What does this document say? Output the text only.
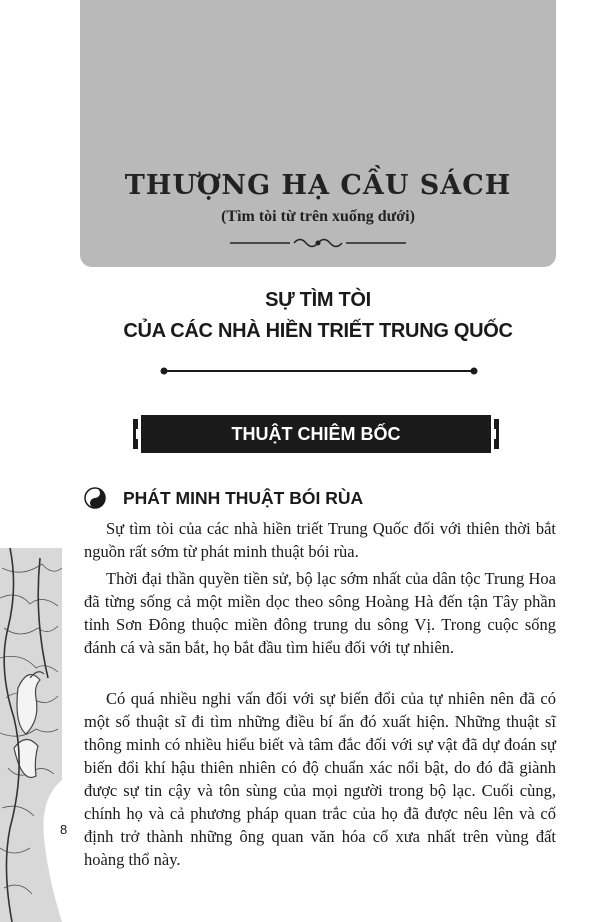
THƯỢNG HẠ CẦU SÁCH
(Tìm tòi từ trên xuống dưới)
SỰ TÌM TÒI
CỦA CÁC NHÀ HIỀN TRIẾT TRUNG QUỐC
THUẬT CHIÊM BỐC
PHÁT MINH THUẬT BÓI RÙA

Sự tìm tòi của các nhà hiền triết Trung Quốc đối với thiên thời bắt nguồn rất sớm từ phát minh thuật bói rùa.

Thời đại thần quyền tiền sử, bộ lạc sớm nhất của dân tộc Trung Hoa đã từng sống cả một miền dọc theo sông Hoàng Hà đến tận Tây phần tỉnh Sơn Đông thuộc miền đông trung du sông Vị. Trong cuộc sống đánh cá và săn bắt, họ bắt đầu tìm hiểu đối với tự nhiên.

Có quá nhiều nghi vấn đối với sự biến đổi của tự nhiên nên đã có một số thuật sĩ đi tìm những điều bí ẩn đó xuất hiện. Những thuật sĩ thông minh có nhiều hiểu biết và tâm đắc đối với sự vật đã dự đoán sự biến đổi khí hậu thiên nhiên có độ chuẩn xác nổi bật, do đó đã giành được sự tin cậy và tôn sùng của mọi người trong bộ lạc. Cuối cùng, chính họ và cả phương pháp quan trắc của họ đã được nêu lên và cố định trở thành những ông quan văn hóa cổ xưa nhất trên vùng đất hoàng thổ này.

8
